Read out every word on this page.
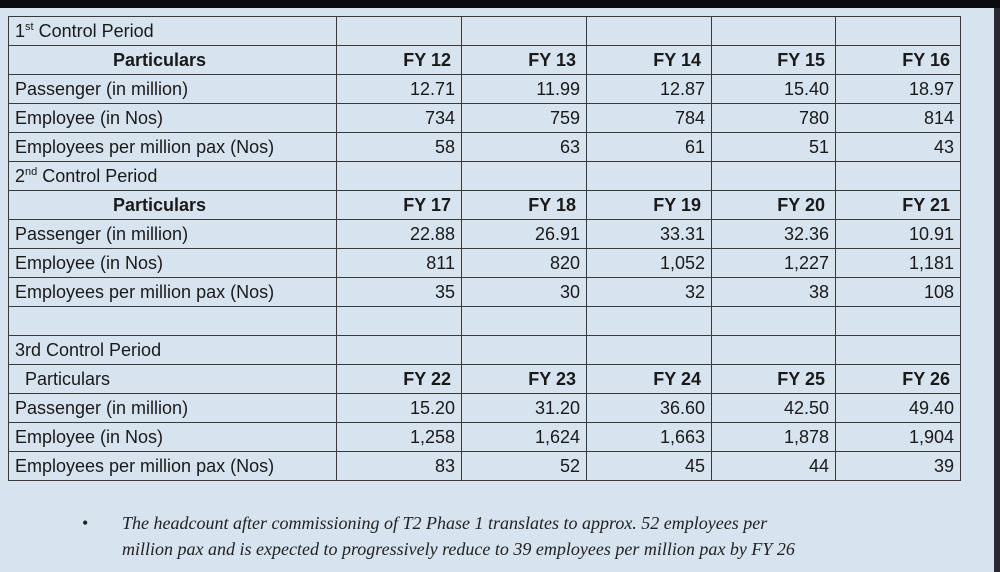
1st Control Period					
Particulars	FY 12	FY 13	FY 14	FY 15	FY 16
Passenger (in million)	12.71	11.99	12.87	15.40	18.97
Employee (in Nos)	734	759	784	780	814
Employees per million pax (Nos)	58	63	61	51	43
2nd Control Period					
Particulars	FY 17	FY 18	FY 19	FY 20	FY 21
Passenger (in million)	22.88	26.91	33.31	32.36	10.91
Employee (in Nos)	811	820	1,052	1,227	1,181
Employees per million pax (Nos)	35	30	32	38	108

3rd Control Period					
Particulars	FY 22	FY 23	FY 24	FY 25	FY 26
Passenger (in million)	15.20	31.20	36.60	42.50	49.40
Employee (in Nos)	1,258	1,624	1,663	1,878	1,904
Employees per million pax (Nos)	83	52	45	44	39
• The headcount after commissioning of T2 Phase 1 translates to approx. 52 employees per
million pax and is expected to progressively reduce to 39 employees per million pax by FY 26
